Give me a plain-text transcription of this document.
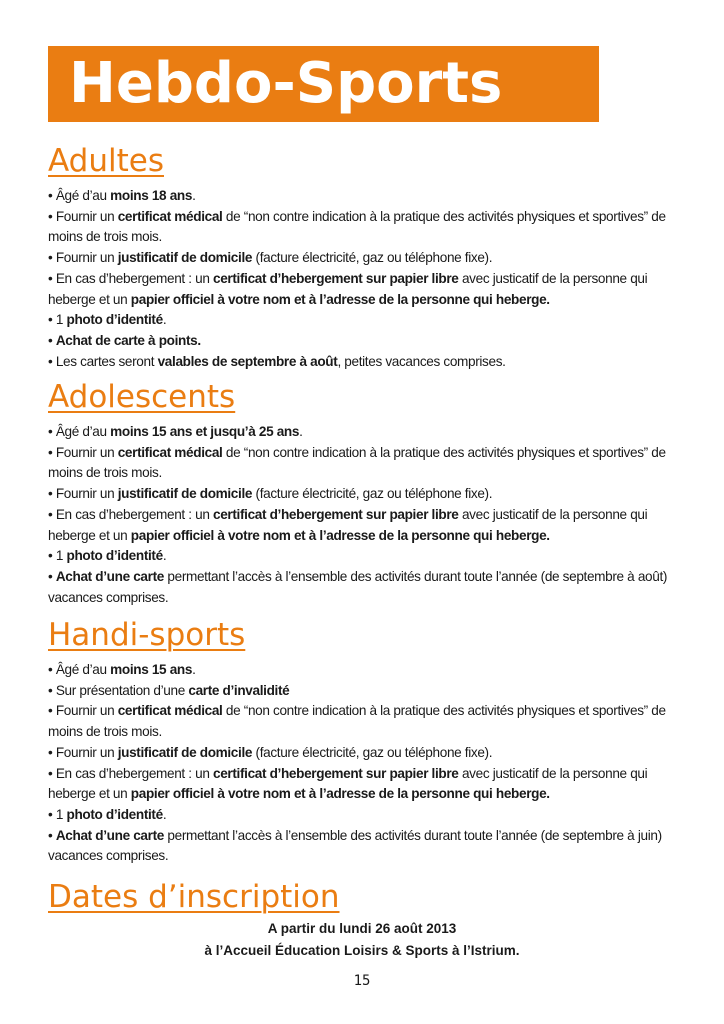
Hebdo-Sports
Adultes
• Âgé d’au moins 18 ans.
• Fournir un certificat médical de “non contre indication à la pratique des activités physiques et sportives” de moins de trois mois.
• Fournir un justificatif de domicile (facture électricité, gaz ou téléphone fixe).
• En cas d’hebergement : un certificat d’hebergement sur papier libre avec justicatif de la personne qui heberge et un papier officiel à votre nom et à l’adresse de la personne qui heberge.
• 1 photo d’identité.
• Achat de carte à points.
• Les cartes seront valables de septembre à août, petites vacances comprises.
Adolescents
• Âgé d’au moins 15 ans et jusqu’à 25 ans.
• Fournir un certificat médical de “non contre indication à la pratique des activités physiques et sportives” de moins de trois mois.
• Fournir un justificatif de domicile (facture électricité, gaz ou téléphone fixe).
• En cas d’hebergement : un certificat d’hebergement sur papier libre avec justicatif de la personne qui heberge et un papier officiel à votre nom et à l’adresse de la personne qui heberge.
• 1 photo d’identité.
• Achat d’une carte permettant l’accès à l’ensemble des activités durant toute l’année (de septembre à août) vacances comprises.
Handi-sports
• Âgé d’au moins 15 ans.
• Sur présentation d’une carte d’invalidité
• Fournir un certificat médical de “non contre indication à la pratique des activités physiques et sportives” de moins de trois mois.
• Fournir un justificatif de domicile (facture électricité, gaz ou téléphone fixe).
• En cas d’hebergement : un certificat d’hebergement sur papier libre avec justicatif de la personne qui heberge et un papier officiel à votre nom et à l’adresse de la personne qui heberge.
• 1 photo d’identité.
• Achat d’une carte permettant l’accès à l’ensemble des activités durant toute l’année (de septembre à juin) vacances comprises.
Dates d’inscription
A partir du lundi 26 août 2013
à l’Accueil Éducation Loisirs & Sports à l’Istrium.
15
